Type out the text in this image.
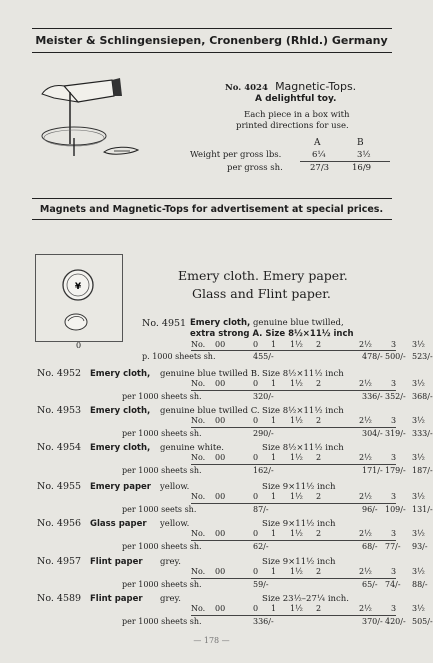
Meister & Schlingensiepen, Cronenberg (Rhld.) Germany
No. 4024 Magnetic-Tops.
A delightful toy.
Each piece in a box with
printed directions for use.
A	B
Weight per gross lbs.	6¼	3½
per gross sh.	27/3	16/9
Magnets and Magnetic-Tops for advertisement at special prices.
¥
0
Emery cloth. Emery paper.
Glass and Flint paper.
No. 4951 Emery cloth, genuine blue twilled,
extra strong A. Size 8½×11½ inch
No. 00	0 1 1½ 2	2½ 3 3½
p. 1000 sheets sh.	455/-	478/- 500/- 523/-
No. 4952 Emery cloth, genuine blue twilled B. Size 8½×11½ inch
No. 00	0 1 1½ 2	2½ 3 3½
per 1000 sheets sh.	320/-	336/- 352/- 368/-
No. 4953 Emery cloth, genuine blue twilled C. Size 8½×11½ inch
No. 00	0 1 1½ 2	2½ 3 3½
per 1000 sheets sh.	290/-	304/- 319/- 333/-
No. 4954 Emery cloth, genuine white.	Size 8½×11½ inch
No. 00	0 1 1½ 2	2½ 3 3½
per 1000 sheets sh.	162/-	171/- 179/- 187/-
No. 4955 Emery paper yellow.	Size 9×11½ inch
No. 00	0 1 1½ 2	2½ 3 3½
per 1000 seets sh.	87/-	96/- 109/- 131/-
No. 4956 Glass paper yellow.	Size 9×11½ inch
No. 00	0 1 1½ 2	2½ 3 3½
per 1000 sheets sh.	62/-	68/- 77/- 93/-
No. 4957 Flint paper grey.	Size 9×11½ inch
No. 00	0 1 1½ 2	2½ 3 3½
per 1000 sheets sh.	59/-	65/- 74/- 88/-
No. 4589 Flint paper grey.	Size 23½–27¼ inch.
No. 00	0 1 1½ 2	2½ 3 3½
per 1000 sheets sh.	336/-	370/- 420/- 505/-
— 178 —
